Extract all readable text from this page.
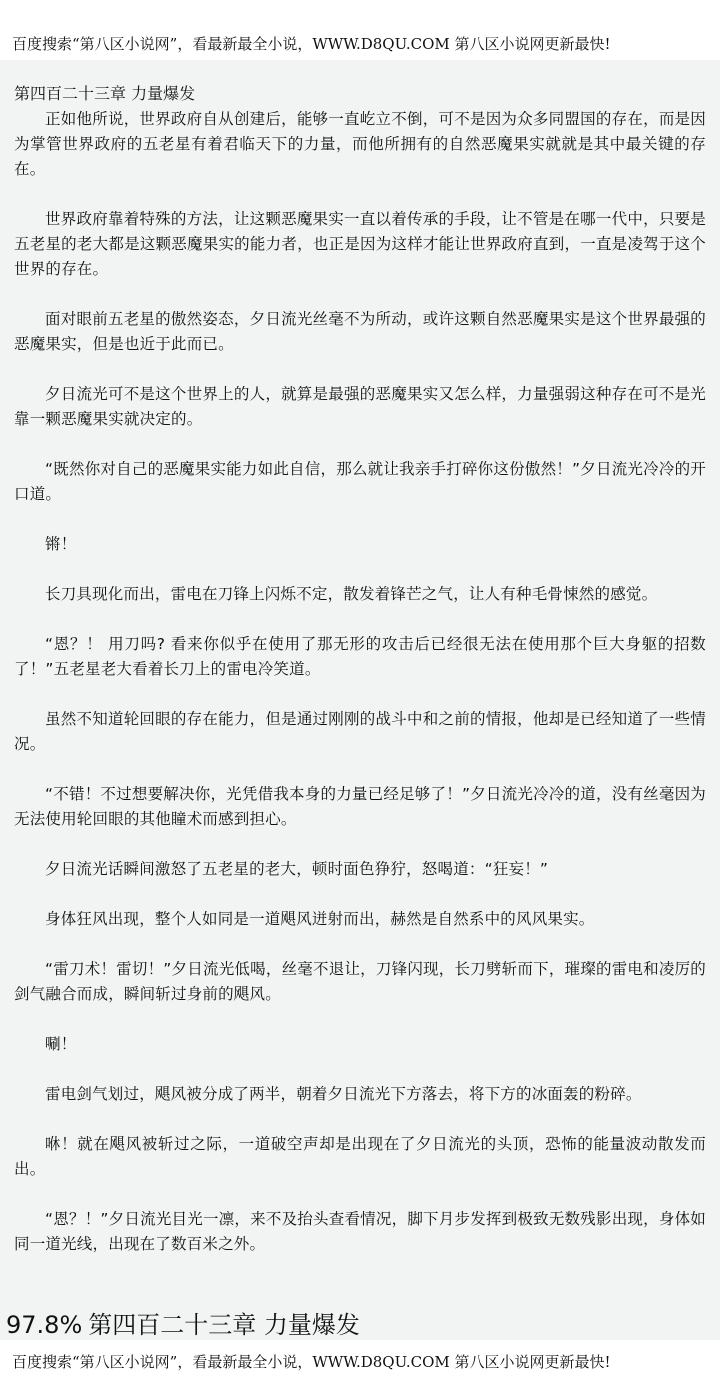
百度搜索“第八区小说网”，看最新最全小说，WWW.D8QU.COM 第八区小说网更新最快!
第四百二十三章 力量爆发

正如他所说，世界政府自从创建后，能够一直屹立不倒，可不是因为众多同盟国的存在，而是因为掌管世界政府的五老星有着君临天下的力量，而他所拥有的自然恶魔果实就就是其中最关键的存在。

世界政府靠着特殊的方法，让这颗恶魔果实一直以着传承的手段，让不管是在哪一代中，只要是五老星的老大都是这颗恶魔果实的能力者，也正是因为这样才能让世界政府直到，一直是凌驾于这个世界的存在。

面对眼前五老星的傲然姿态，夕日流光丝毫不为所动，或许这颗自然恶魔果实是这个世界最强的恶魔果实，但是也近于此而已。

夕日流光可不是这个世界上的人，就算是最强的恶魔果实又怎么样，力量强弱这种存在可不是光靠一颗恶魔果实就决定的。

“既然你对自己的恶魔果实能力如此自信，那么就让我亲手打碎你这份傲然！”夕日流光冷冷的开口道。

锵！

长刀具现化而出，雷电在刀锋上闪烁不定，散发着锋芒之气，让人有种毛骨悚然的感觉。

“恩？！ 用刀吗? 看来你似乎在使用了那无形的攻击后已经很无法在使用那个巨大身躯的招数了！”五老星老大看着长刀上的雷电冷笑道。

虽然不知道轮回眼的存在能力，但是通过刚刚的战斗中和之前的情报，他却是已经知道了一些情况。

“不错！不过想要解决你，光凭借我本身的力量已经足够了！”夕日流光冷冷的道，没有丝毫因为无法使用轮回眼的其他瞳术而感到担心。

夕日流光话瞬间激怒了五老星的老大，顿时面色狰狞，怒喝道：“狂妄！”

身体狂风出现，整个人如同是一道飓风迸射而出，赫然是自然系中的风风果实。

“雷刀术！雷切！”夕日流光低喝，丝毫不退让，刀锋闪现，长刀劈斩而下，璀璨的雷电和凌厉的剑气融合而成，瞬间斩过身前的飓风。

唰！

雷电剑气划过，飓风被分成了两半，朝着夕日流光下方落去，将下方的冰面轰的粉碎。

咻！就在飓风被斩过之际，一道破空声却是出现在了夕日流光的头顶，恐怖的能量波动散发而出。

“恩？！”夕日流光目光一凛，来不及抬头查看情况，脚下月步发挥到极致无数残影出现，身体如同一道光线，出现在了数百米之外。

97.8% 第四百二十三章 力量爆发
百度搜索“第八区小说网”，看最新最全小说，WWW.D8QU.COM 第八区小说网更新最快!
